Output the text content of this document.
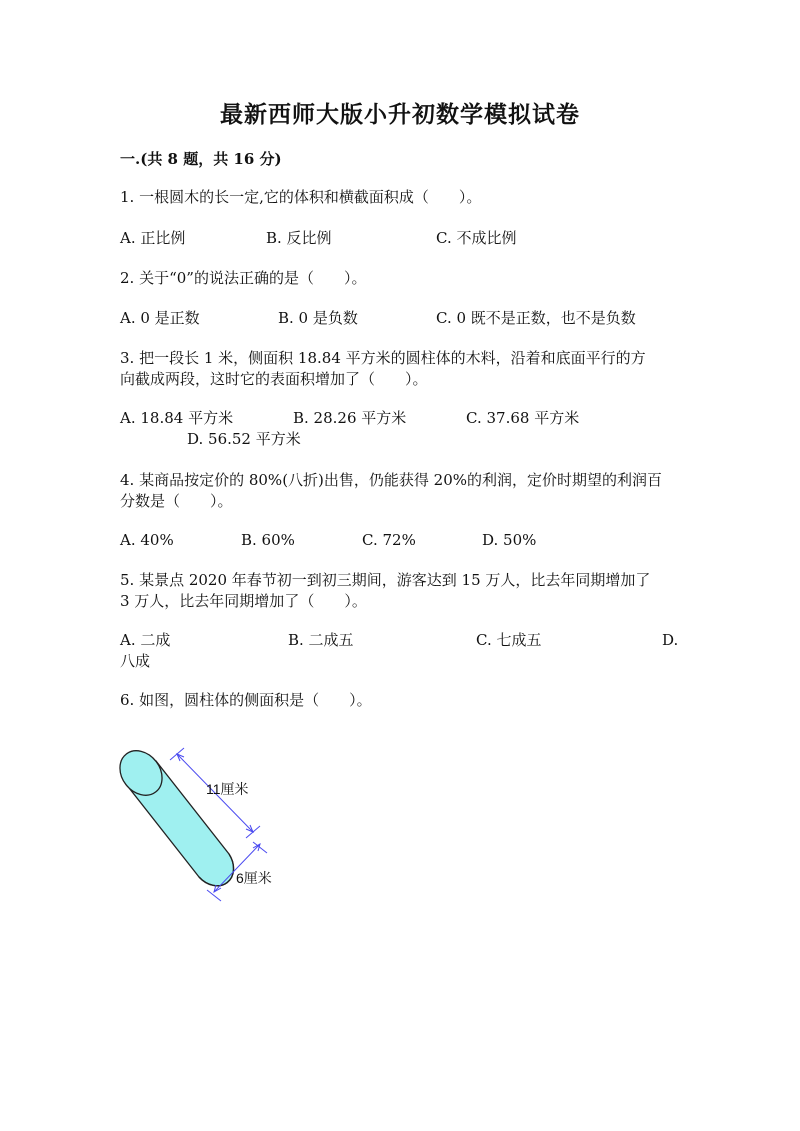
最新西师大版小升初数学模拟试卷
一.(共 8 题，共 16 分)
1. 一根圆木的长一定,它的体积和横截面积成（　　）。
A. 正比例	B. 反比例	C. 不成比例
2. 关于“0”的说法正确的是（　　）。
A. 0 是正数	B. 0 是负数	C. 0 既不是正数，也不是负数
3. 把一段长 1 米，侧面积 18.84 平方米的圆柱体的木料，沿着和底面平行的方
向截成两段，这时它的表面积增加了（　　）。
A. 18.84 平方米	B. 28.26 平方米	C. 37.68 平方米
D. 56.52 平方米
4. 某商品按定价的 80%(八折)出售，仍能获得 20%的利润，定价时期望的利润百
分数是（　　）。
A. 40%	B. 60%	C. 72%	D. 50%
5. 某景点 2020 年春节初一到初三期间，游客达到 15 万人，比去年同期增加了
3 万人，比去年同期增加了（　　）。
A. 二成	B. 二成五	C. 七成五	D.
八成
6. 如图，圆柱体的侧面积是（　　）。
11厘米
6厘米
